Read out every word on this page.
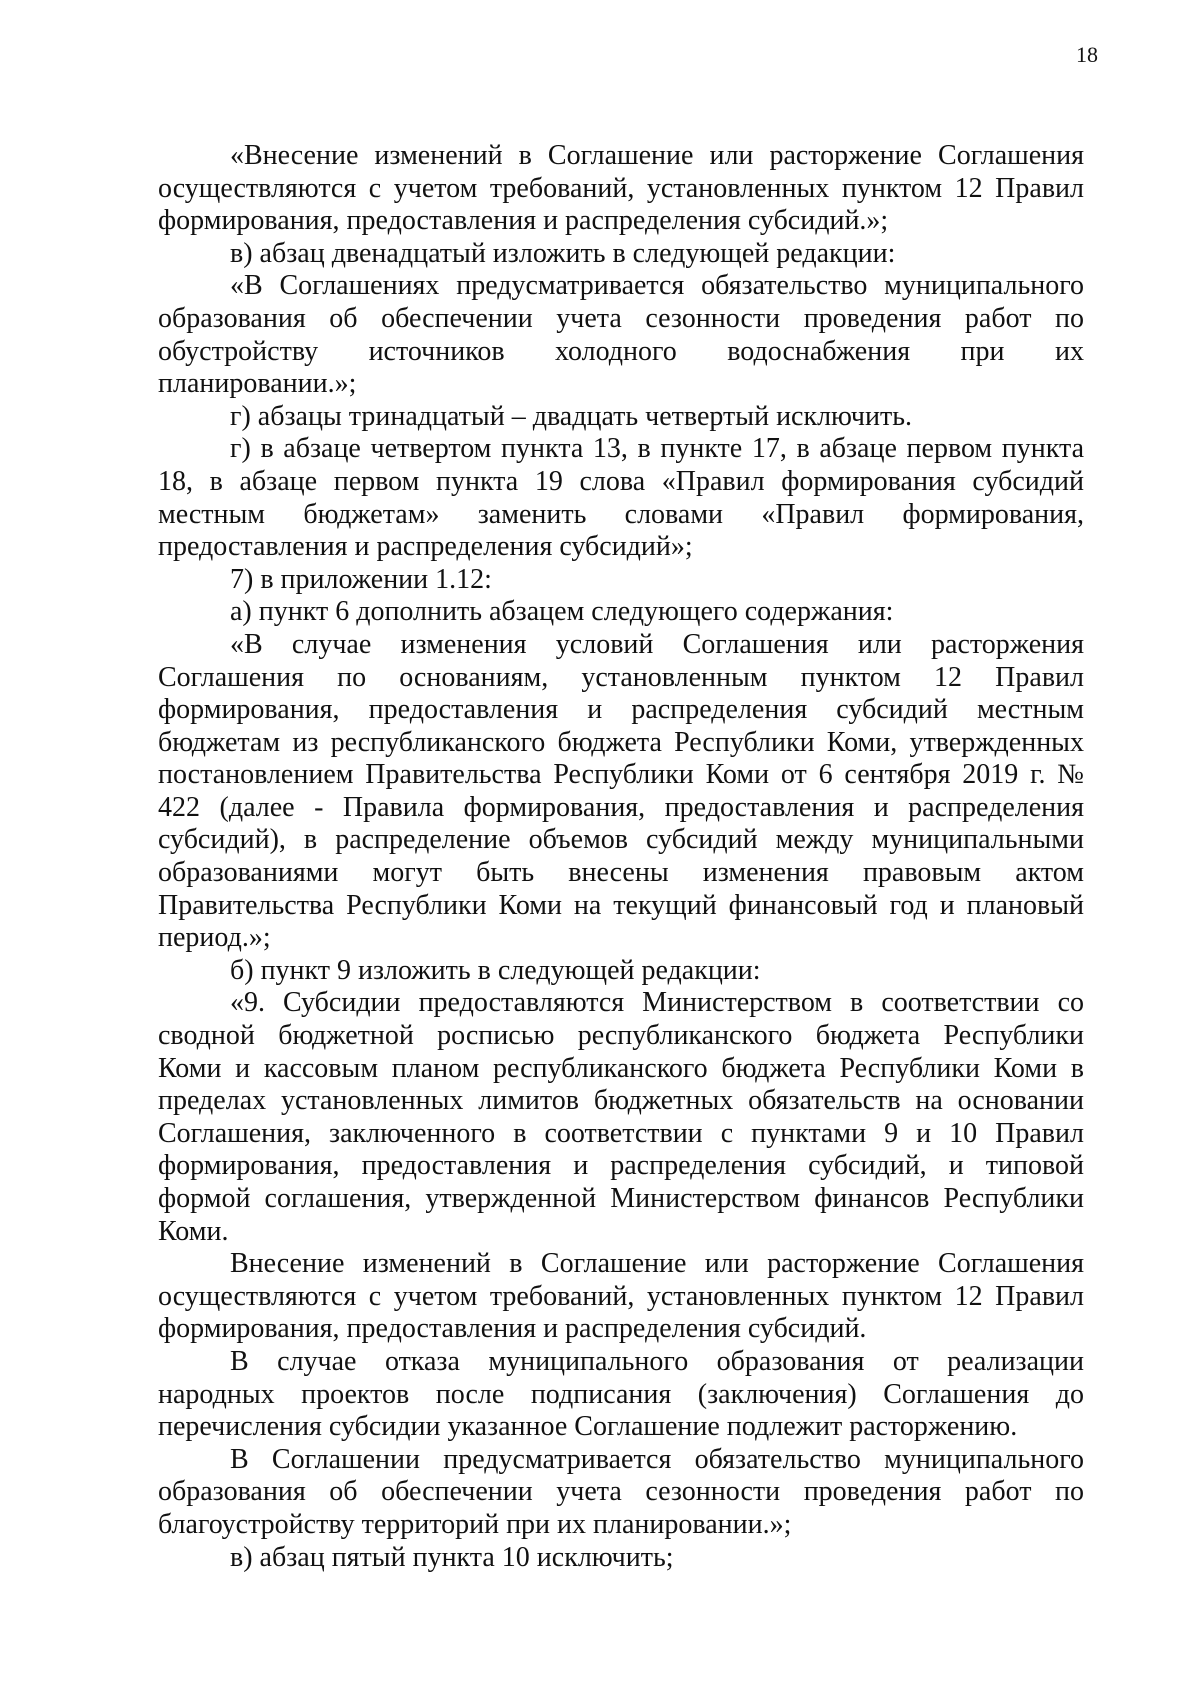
18
«Внесение изменений в Соглашение или расторжение Соглашения
осуществляются с учетом требований, установленных пунктом 12 Правил
формирования, предоставления и распределения субсидий.»;
в) абзац двенадцатый изложить в следующей редакции:
«В Соглашениях предусматривается обязательство муниципального
образования об обеспечении учета сезонности проведения работ по
обустройству источников холодного водоснабжения при их
планировании.»;
г) абзацы тринадцатый – двадцать четвертый исключить.
г) в абзаце четвертом пункта 13, в пункте 17, в абзаце первом пункта
18, в абзаце первом пункта 19 слова «Правил формирования субсидий
местным бюджетам» заменить словами «Правил формирования,
предоставления и распределения субсидий»;
7) в приложении 1.12:
а) пункт 6 дополнить абзацем следующего содержания:
«В случае изменения условий Соглашения или расторжения
Соглашения по основаниям, установленным пунктом 12 Правил
формирования, предоставления и распределения субсидий местным
бюджетам из республиканского бюджета Республики Коми, утвержденных
постановлением Правительства Республики Коми от 6 сентября 2019 г. №
422 (далее - Правила формирования, предоставления и распределения
субсидий), в распределение объемов субсидий между муниципальными
образованиями могут быть внесены изменения правовым актом
Правительства Республики Коми на текущий финансовый год и плановый
период.»;
б) пункт 9 изложить в следующей редакции:
«9. Субсидии предоставляются Министерством в соответствии со
сводной бюджетной росписью республиканского бюджета Республики
Коми и кассовым планом республиканского бюджета Республики Коми в
пределах установленных лимитов бюджетных обязательств на основании
Соглашения, заключенного в соответствии с пунктами 9 и 10 Правил
формирования, предоставления и распределения субсидий, и типовой
формой соглашения, утвержденной Министерством финансов Республики
Коми.
Внесение изменений в Соглашение или расторжение Соглашения
осуществляются с учетом требований, установленных пунктом 12 Правил
формирования, предоставления и распределения субсидий.
В случае отказа муниципального образования от реализации
народных проектов после подписания (заключения) Соглашения до
перечисления субсидии указанное Соглашение подлежит расторжению.
В Соглашении предусматривается обязательство муниципального
образования об обеспечении учета сезонности проведения работ по
благоустройству территорий при их планировании.»;
в) абзац пятый пункта 10 исключить;
